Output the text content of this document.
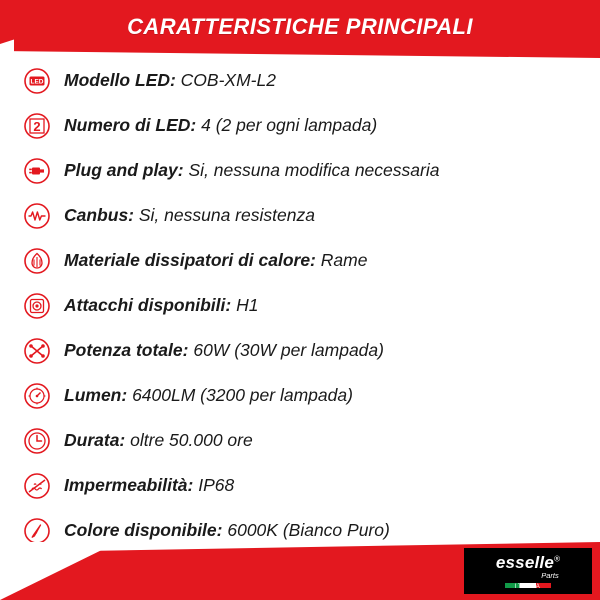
CARATTERISTICHE PRINCIPALI
LED Modello LED: COB-XM-L2
2 Numero di LED: 4 (2 per ogni lampada)
Plug and play: Si, nessuna modifica necessaria
Canbus: Si, nessuna resistenza
Materiale dissipatori di calore: Rame
Attacchi disponibili: H1
Potenza totale: 60W (30W per lampada)
Lumen: 6400LM (3200 per lampada)
Durata: oltre 50.000 ore
Impermeabilità: IP68
Colore disponibile: 6000K (Bianco Puro)
esselle®
Parts
ITALIA
